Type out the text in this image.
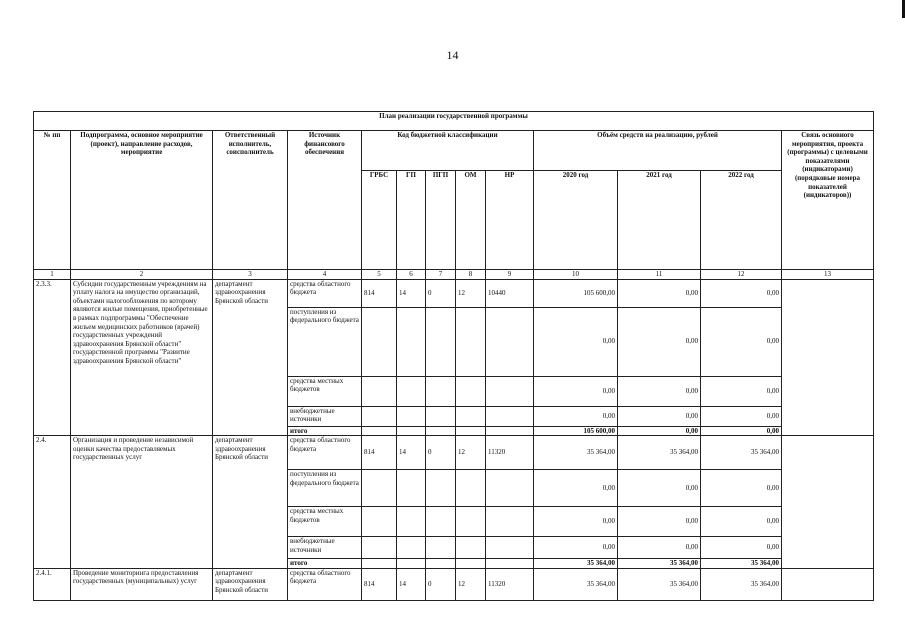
14
План реализации государственной программы												
№ пп	Подпрограмма, основное мероприятие (проект), направление расходов, мероприятие	Ответственный исполнитель, соисполнитель	Источник финансового обеспечения	Код бюджетной классификации					Объём средств на реализацию, рублей			Связь основного мероприятия, проекта (программы) с целевыми показателями (индикаторами) (порядковые номера показателей (индикаторов))
				ГРБС	ГП	ПГП	ОМ	НР	2020 год	2021 год	2022 год	
1	2	3	4	5	6	7	8	9	10	11	12	13
2.3.3.	Субсидии государственным учреждениям на уплату налога на имущество организаций, объектами налогообложения по которому являются жилые помещения, приобретенные в рамках подпрограммы "Обеспечение жильем медицинских работников (врачей) государственных учреждений здравоохранения Брянской области" государственной программы "Развитие здравоохранения Брянской области"	департамент здравоохранения Брянской области	средства областного бюджета	814	14	0	12	10440	105 600,00	0,00	0,00	
			поступления из федерального бюджета						0,00	0,00	0,00	
			средства местных бюджетов						0,00	0,00	0,00	
			внебюджетные источники						0,00	0,00	0,00	
			итого						105 600,00	0,00	0,00	
2.4.	Организация и проведение независимой оценки качества предоставляемых государственных услуг	департамент здравоохранения Брянской области	средства областного бюджета	814	14	0	12	11320	35 364,00	35 364,00	35 364,00	
			поступления из федерального бюджета						0,00	0,00	0,00	
			средства местных бюджетов						0,00	0,00	0,00	
			внебюджетные источники						0,00	0,00	0,00	
			итого						35 364,00	35 364,00	35 364,00	
2.4.1.	Проведение мониторинга предоставления государственных (муниципальных) услуг	департамент здравоохранения Брянской области	средства областного бюджета	814	14	0	12	11320	35 364,00	35 364,00	35 364,00	
